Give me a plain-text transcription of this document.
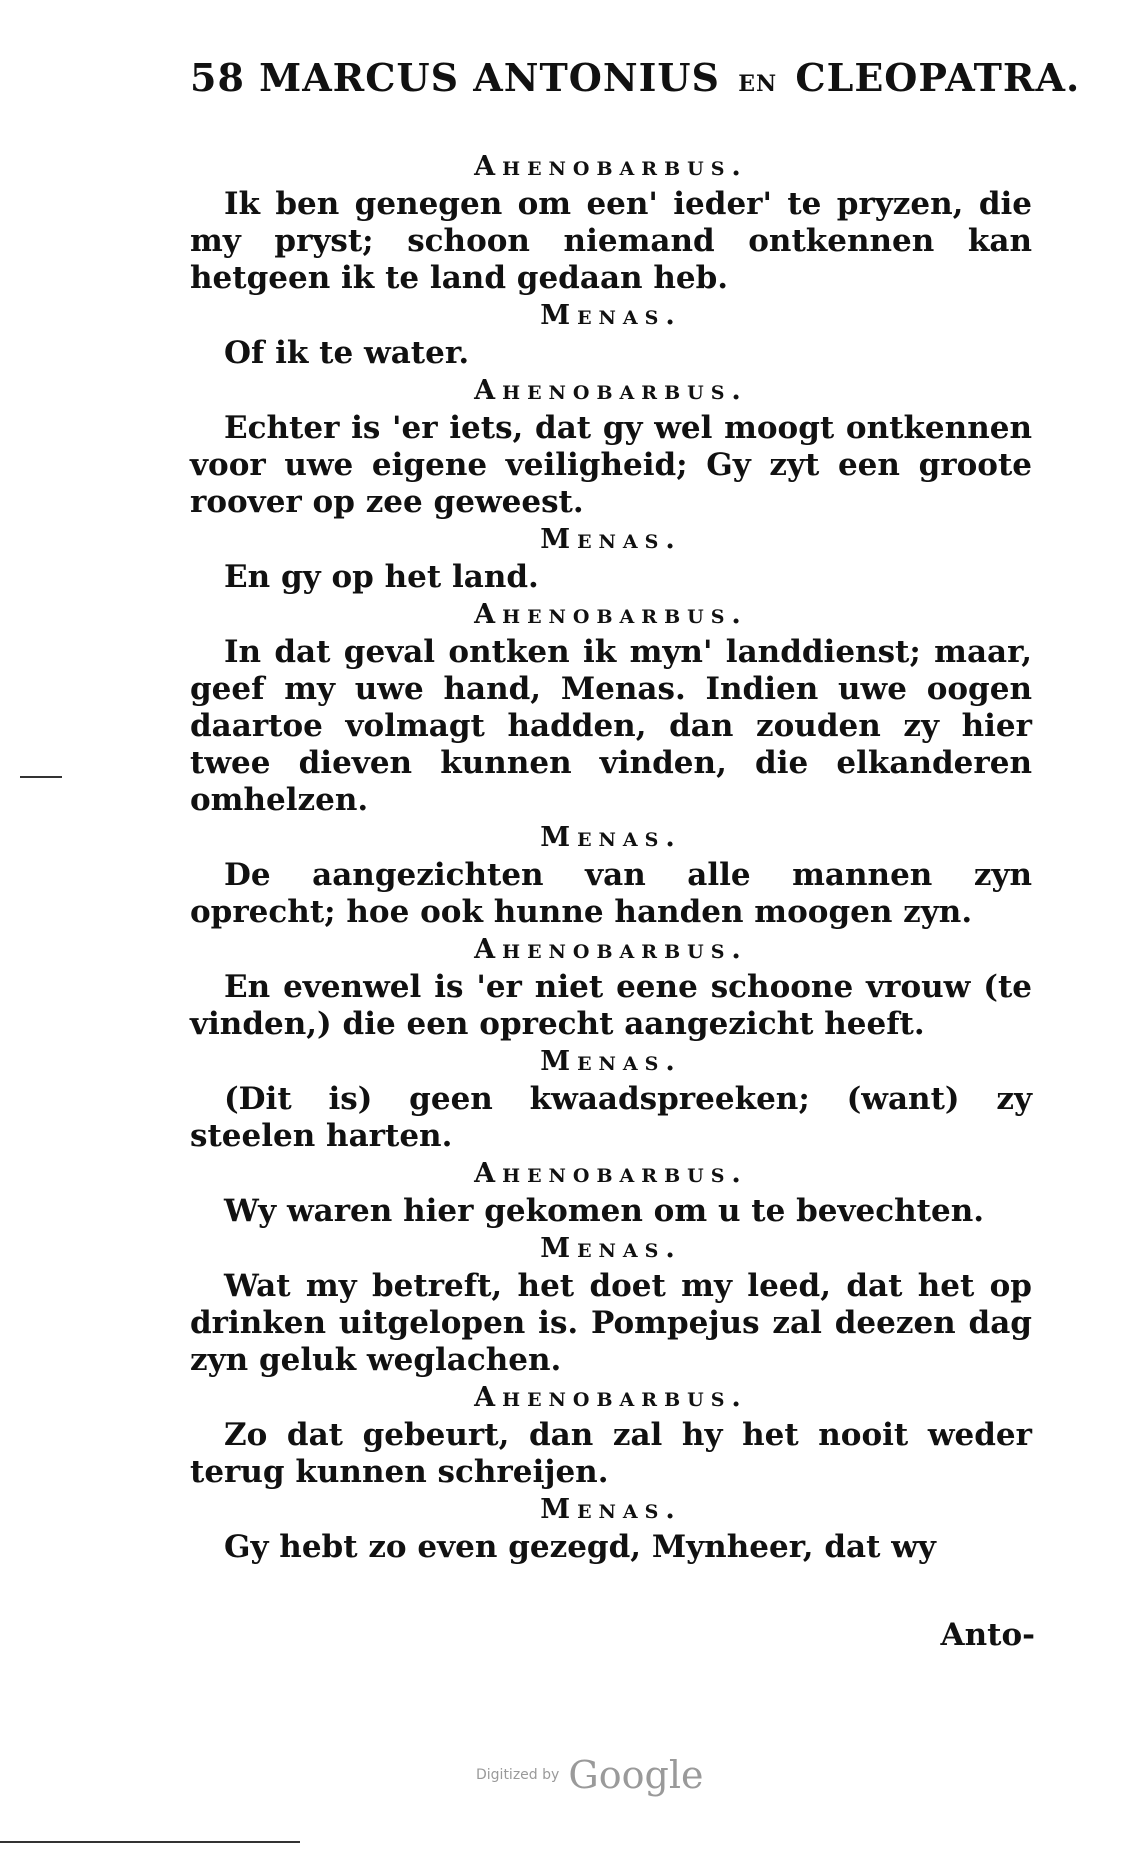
58 MARCUS ANTONIUS EN CLEOPATRA.
Ahenobarbus.

Ik ben genegen om een' ieder' te pryzen, die my pryst; schoon niemand ontkennen kan hetgeen ik te land gedaan heb.

Menas.

Of ik te water.

Ahenobarbus.

Echter is 'er iets, dat gy wel moogt ontkennen voor uwe eigene veiligheid; Gy zyt een groote roover op zee geweest.

Menas.

En gy op het land.

Ahenobarbus.

In dat geval ontken ik myn' landdienst; maar, geef my uwe hand, Menas. Indien uwe oogen daartoe volmagt hadden, dan zouden zy hier twee dieven kunnen vinden, die elkanderen omhelzen.

Menas.

De aangezichten van alle mannen zyn oprecht; hoe ook hunne handen moogen zyn.

Ahenobarbus.

En evenwel is 'er niet eene schoone vrouw (te vinden,) die een oprecht aangezicht heeft.

Menas.

(Dit is) geen kwaadspreeken; (want) zy steelen harten.

Ahenobarbus.

Wy waren hier gekomen om u te bevechten.

Menas.

Wat my betreft, het doet my leed, dat het op drinken uitgelopen is. Pompejus zal deezen dag zyn geluk weglachen.

Ahenobarbus.

Zo dat gebeurt, dan zal hy het nooit weder terug kunnen schreijen.

Menas.

Gy hebt zo even gezegd, Mynheer, dat wy

Anto-
Digitized by Google
